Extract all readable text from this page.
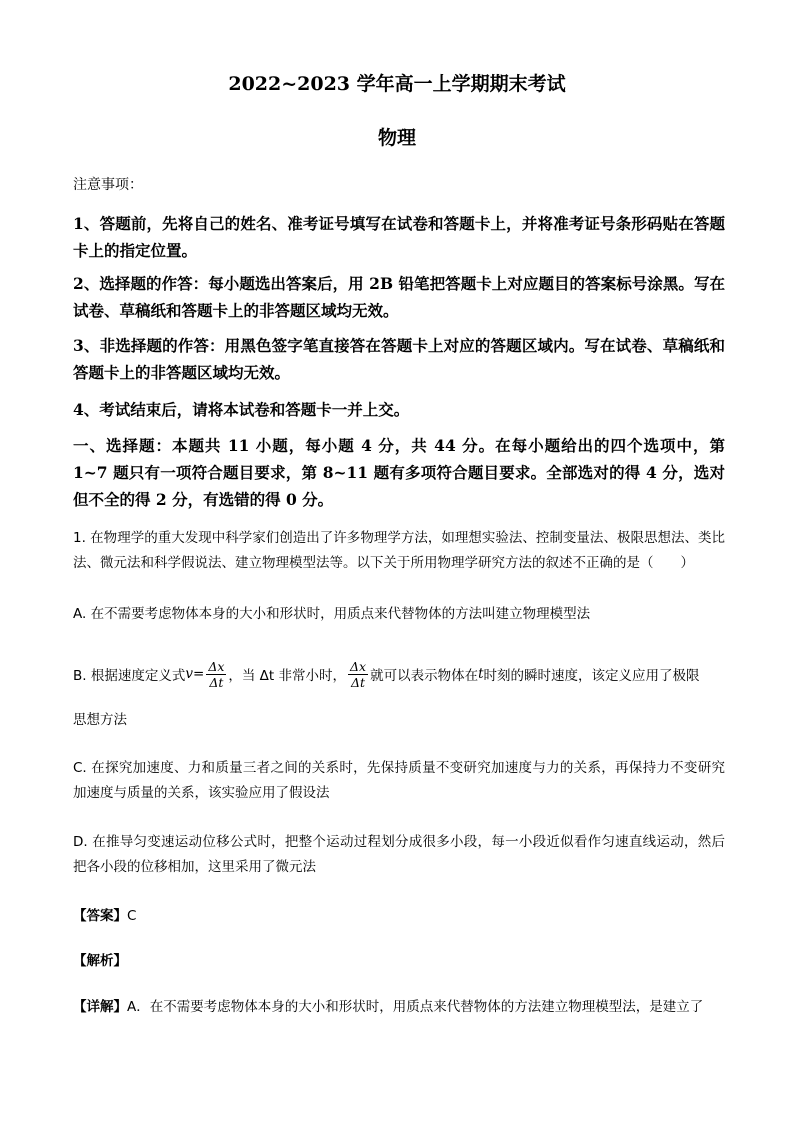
2022~2023 学年高一上学期期末考试
物理
注意事项：
1、答题前，先将自己的姓名、准考证号填写在试卷和答题卡上，并将准考证号条形码贴在答题卡上的指定位置。
2、选择题的作答：每小题选出答案后，用 2B 铅笔把答题卡上对应题目的答案标号涂黑。写在试卷、草稿纸和答题卡上的非答题区域均无效。
3、非选择题的作答：用黑色签字笔直接答在答题卡上对应的答题区域内。写在试卷、草稿纸和答题卡上的非答题区域均无效。
4、考试结束后，请将本试卷和答题卡一并上交。
一、选择题：本题共 11 小题，每小题 4 分，共 44 分。在每小题给出的四个选项中，第 1~7 题只有一项符合题目要求，第 8~11 题有多项符合题目要求。全部选对的得 4 分，选对但不全的得 2 分，有选错的得 0 分。
1. 在物理学的重大发现中科学家们创造出了许多物理学方法，如理想实验法、控制变量法、极限思想法、类比法、微元法和科学假说法、建立物理模型法等。以下关于所用物理学研究方法的叙述不正确的是（　　）
A. 在不需要考虑物体本身的大小和形状时，用质点来代替物体的方法叫建立物理模型法
B. 根据速度定义式 $v = \frac{\Delta x}{\Delta t}$ ，当 Δt 非常小时， $\frac{\Delta x}{\Delta t}$ 就可以表示物体在 t 时刻的瞬时速度，该定义应用了极限
思想方法
C. 在探究加速度、力和质量三者之间的关系时，先保持质量不变研究加速度与力的关系，再保持力不变研究加速度与质量的关系，该实验应用了假设法
D. 在推导匀变速运动位移公式时，把整个运动过程划分成很多小段，每一小段近似看作匀速直线运动，然后把各小段的位移相加，这里采用了微元法
【答案】C
【解析】
【详解】A．在不需要考虑物体本身的大小和形状时，用质点来代替物体的方法建立物理模型法，是建立了
